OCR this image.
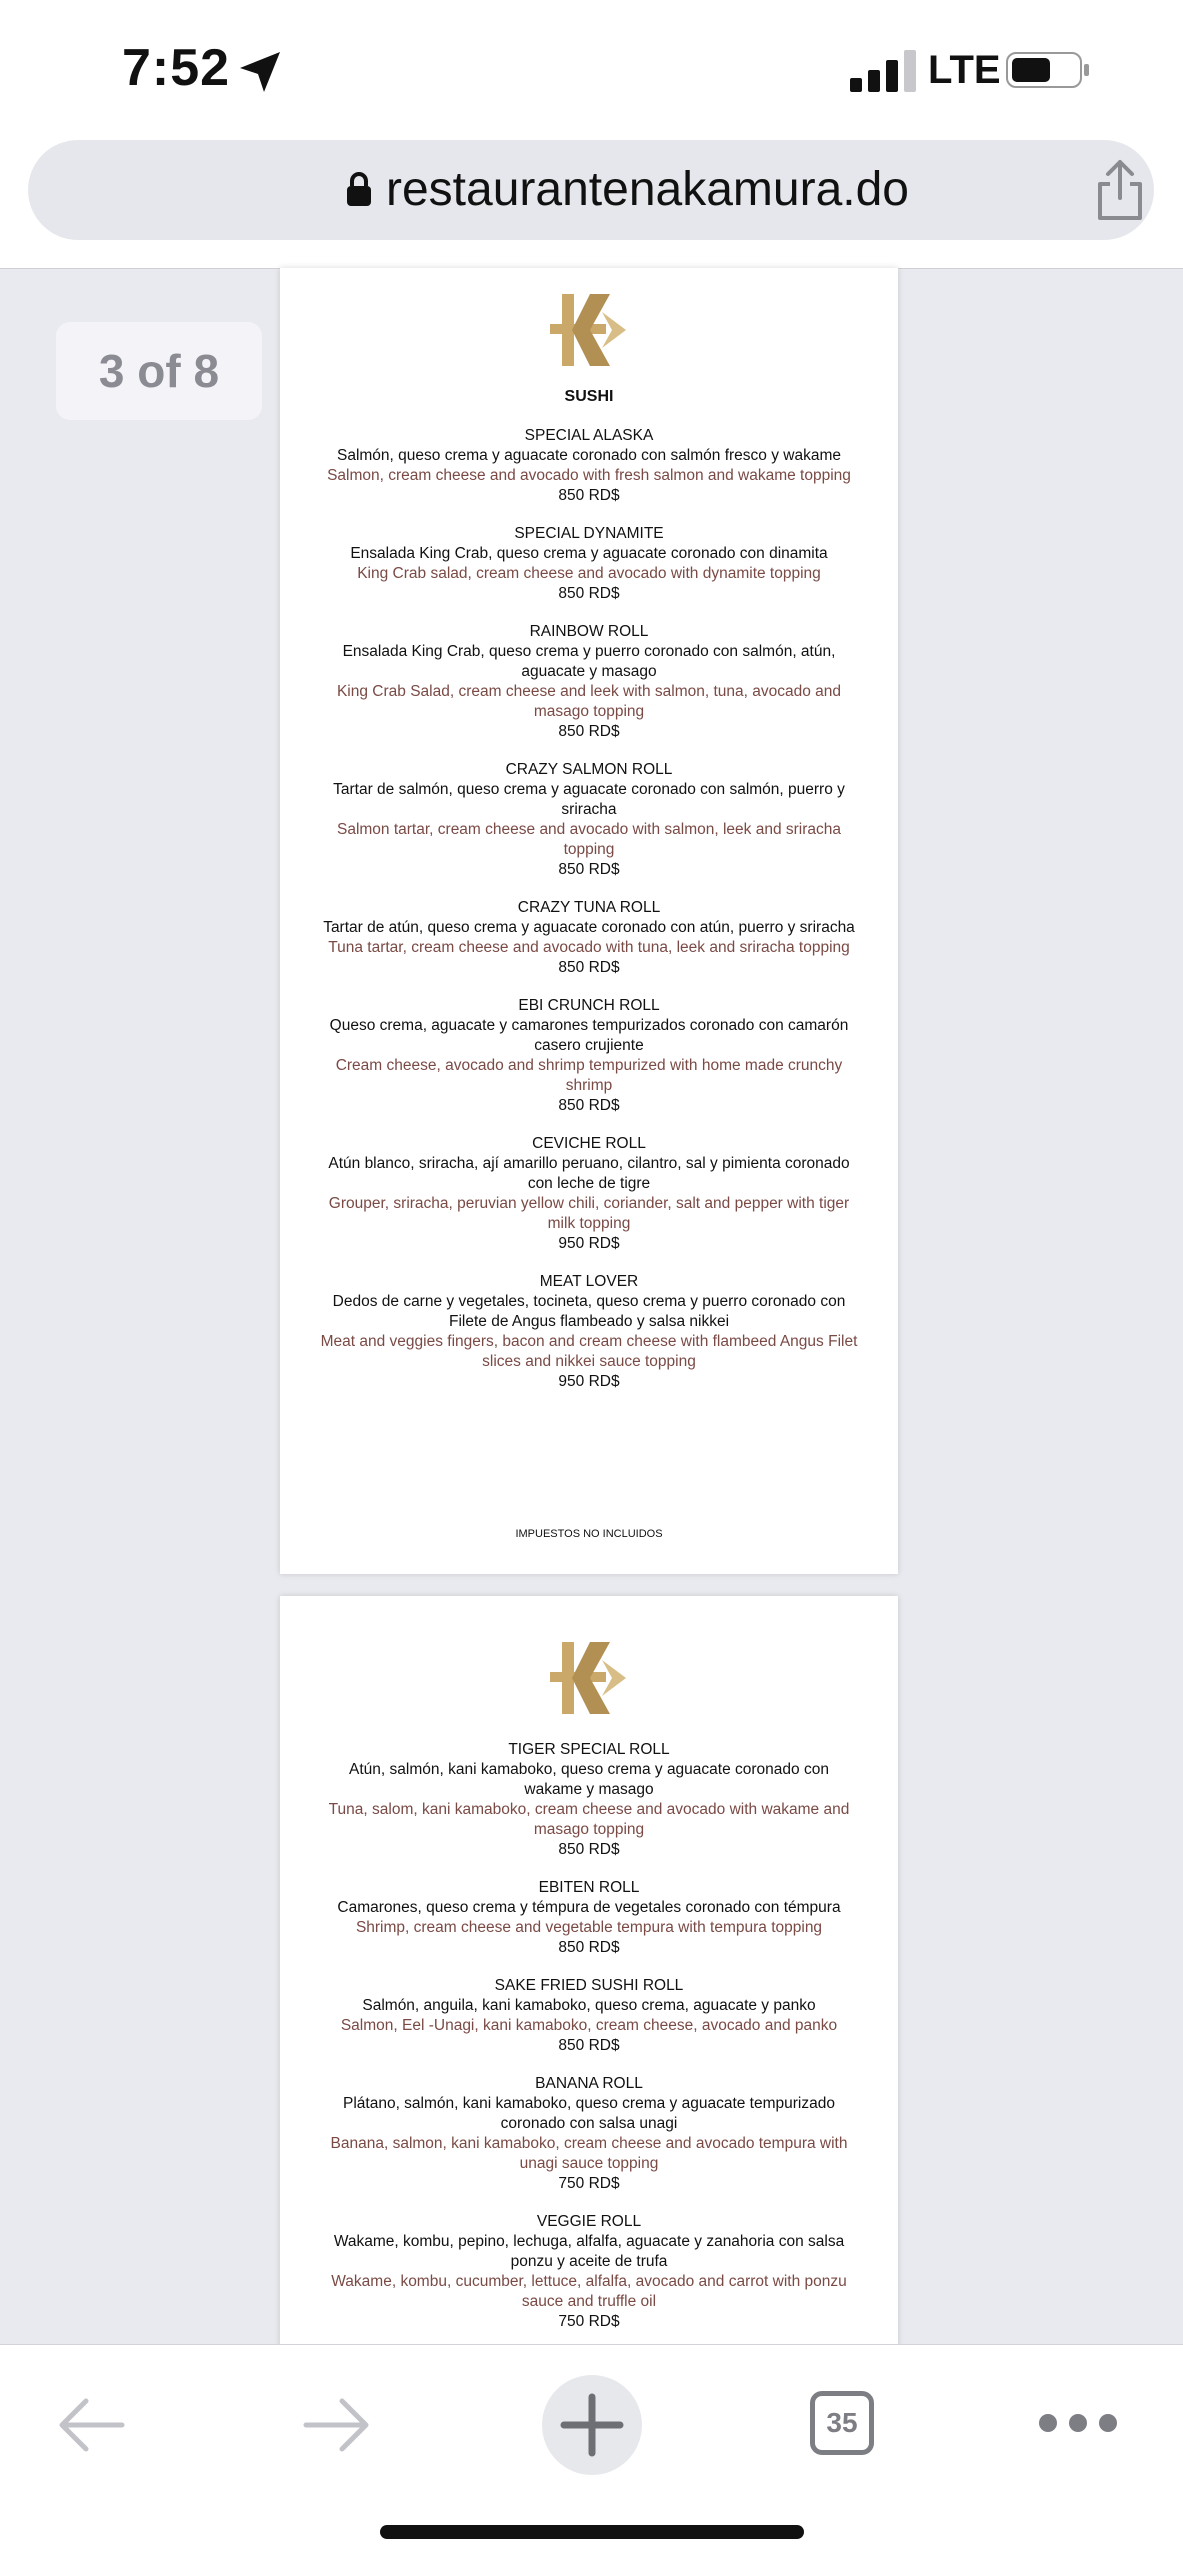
7:52	LTE
restaurantenakamura.do
3 of 8	SUSHI
SPECIAL ALASKA
Salmón, queso crema y aguacate coronado con salmón fresco y wakame
Salmon, cream cheese and avocado with fresh salmon and wakame topping
850 RD$
SPECIAL DYNAMITE
Ensalada King Crab, queso crema y aguacate coronado con dinamita
King Crab salad, cream cheese and avocado with dynamite topping
850 RD$
RAINBOW ROLL
Ensalada King Crab, queso crema y puerro coronado con salmón, atún, aguacate y masago
King Crab Salad, cream cheese and leek with salmon, tuna, avocado and masago topping
850 RD$
CRAZY SALMON ROLL
Tartar de salmón, queso crema y aguacate coronado con salmón, puerro y sriracha
Salmon tartar, cream cheese and avocado with salmon, leek and sriracha topping
850 RD$
CRAZY TUNA ROLL
Tartar de atún, queso crema y aguacate coronado con atún, puerro y sriracha
Tuna tartar, cream cheese and avocado with tuna, leek and sriracha topping
850 RD$
EBI CRUNCH ROLL
Queso crema, aguacate y camarones tempurizados coronado con camarón casero crujiente
Cream cheese, avocado and shrimp tempurized with home made crunchy shrimp
850 RD$
CEVICHE ROLL
Atún blanco, sriracha, ají amarillo peruano, cilantro, sal y pimienta coronado con leche de tigre
Grouper, sriracha, peruvian yellow chili, coriander, salt and pepper with tiger milk topping
950 RD$
MEAT LOVER
Dedos de carne y vegetales, tocineta, queso crema y puerro coronado con Filete de Angus flambeado y salsa nikkei
Meat and veggies fingers, bacon and cream cheese with flambeed Angus Filet slices and nikkei sauce topping
950 RD$
IMPUESTOS NO INCLUIDOS
TIGER SPECIAL ROLL
Atún, salmón, kani kamaboko, queso crema y aguacate coronado con wakame y masago
Tuna, salom, kani kamaboko, cream cheese and avocado with wakame and masago topping
850 RD$
EBITEN ROLL
Camarones, queso crema y témpura de vegetales coronado con témpura
Shrimp, cream cheese and vegetable tempura with tempura topping
850 RD$
SAKE FRIED SUSHI ROLL
Salmón, anguila, kani kamaboko, queso crema, aguacate y panko
Salmon, Eel -Unagi, kani kamaboko, cream cheese, avocado and panko
850 RD$
BANANA ROLL
Plátano, salmón, kani kamaboko, queso crema y aguacate tempurizado coronado con salsa unagi
Banana, salmon, kani kamaboko, cream cheese and avocado tempura with unagi sauce topping
750 RD$
VEGGIE ROLL
Wakame, kombu, pepino, lechuga, alfalfa, aguacate y zanahoria con salsa ponzu y aceite de trufa
Wakame, kombu, cucumber, lettuce, alfalfa, avocado and carrot with ponzu sauce and truffle oil
750 RD$
35
